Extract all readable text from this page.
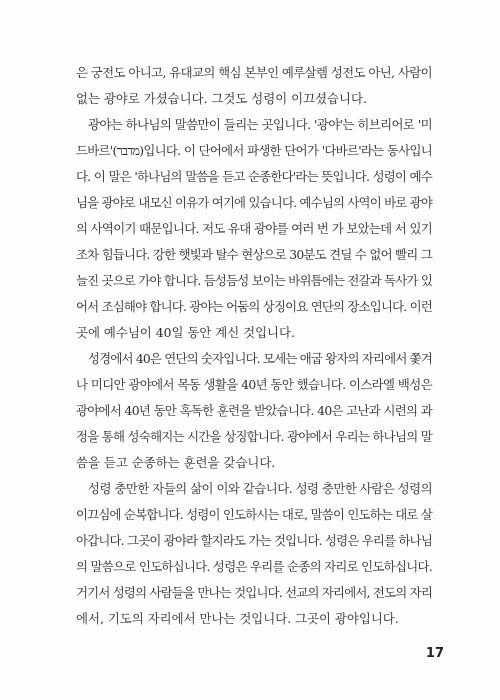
은 궁전도 아니고, 유대교의 핵심 본부인 예루살렘 성전도 아닌, 사람이
없는 광야로 가셨습니다. 그것도 성령이 이끄셨습니다.
광야는 하나님의 말씀만이 들리는 곳입니다. '광야'는 히브리어로 '미
드바르'(מדבר)입니다. 이 단어에서 파생한 단어가 '다바르'라는 동사입니
다. 이 말은 '하나님의 말씀을 듣고 순종한다'라는 뜻입니다. 성령이 예수
님을 광야로 내모신 이유가 여기에 있습니다. 예수님의 사역이 바로 광야
의 사역이기 때문입니다. 저도 유대 광야를 여러 번 가 보았는데 서 있기
조차 힘듭니다. 강한 햇빛과 탈수 현상으로 30분도 견딜 수 없어 빨리 그
늘진 곳으로 가야 합니다. 듬성듬성 보이는 바위틈에는 전갈과 독사가 있
어서 조심해야 합니다. 광야는 어둠의 상징이요 연단의 장소입니다. 이런
곳에 예수님이 40일 동안 계신 것입니다.
성경에서 40은 연단의 숫자입니다. 모세는 애굽 왕자의 자리에서 쫓겨
나 미디안 광야에서 목동 생활을 40년 동안 했습니다. 이스라엘 백성은
광야에서 40년 동안 혹독한 훈련을 받았습니다. 40은 고난과 시련의 과
정을 통해 성숙해지는 시간을 상징합니다. 광야에서 우리는 하나님의 말
씀을 듣고 순종하는 훈련을 갖습니다.
성령 충만한 자들의 삶이 이와 같습니다. 성령 충만한 사람은 성령의
이끄심에 순복합니다. 성령이 인도하시는 대로, 말씀이 인도하는 대로 살
아갑니다. 그곳이 광야라 할지라도 가는 것입니다. 성령은 우리를 하나님
의 말씀으로 인도하십니다. 성령은 우리를 순종의 자리로 인도하십니다.
거기서 성령의 사람들을 만나는 것입니다. 선교의 자리에서, 전도의 자리
에서, 기도의 자리에서 만나는 것입니다. 그곳이 광야입니다.
17
